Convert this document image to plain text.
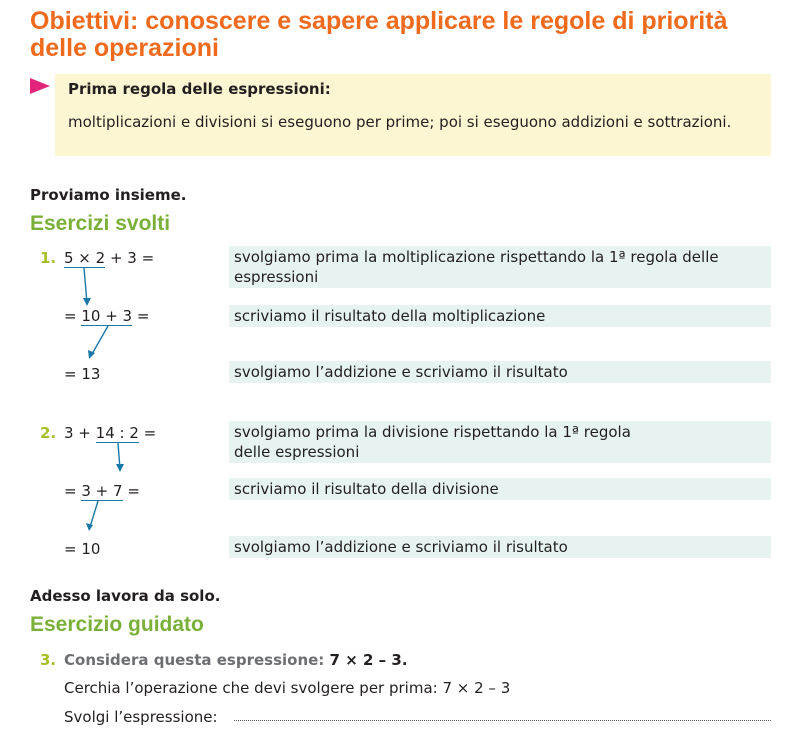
Obiettivi: conoscere e sapere applicare le regole di priorità delle operazioni
Prima regola delle espressioni:
moltiplicazioni e divisioni si eseguono per prime; poi si eseguono addizioni e sottrazioni.
Proviamo insieme.
Esercizi svolti
1. 5 × 2 + 3 =
= 10 + 3 =
= 13
svolgiamo prima la moltiplicazione rispettando la 1ª regola delle espressioni
scriviamo il risultato della moltiplicazione
svolgiamo l’addizione e scriviamo il risultato
2. 3 + 14 : 2 =
= 3 + 7 =
= 10
svolgiamo prima la divisione rispettando la 1ª regola
delle espressioni
scriviamo il risultato della divisione
svolgiamo l’addizione e scriviamo il risultato
Adesso lavora da solo.
Esercizio guidato
3. Considera questa espressione: 7 × 2 – 3.
Cerchia l’operazione che devi svolgere per prima: 7 × 2 – 3
Svolgi l’espressione:
